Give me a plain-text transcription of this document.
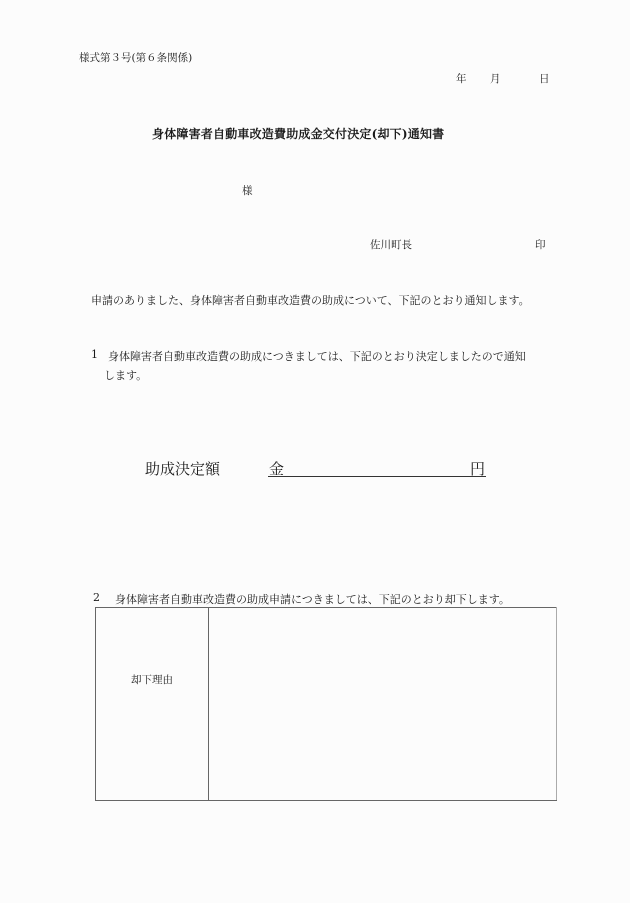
様式第３号(第６条関係)
年 月	日
身体障害者自動車改造費助成金交付決定(却下)通知書
様
佐川町長	印
申請のありました、身体障害者自動車改造費の助成について、下記のとおり通知します。
1 身体障害者自動車改造費の助成につきましては、下記のとおり決定しましたので通知
します。
助成決定額	金	円
2 身体障害者自動車改造費の助成申請につきましては、下記のとおり却下します。
却下理由	
